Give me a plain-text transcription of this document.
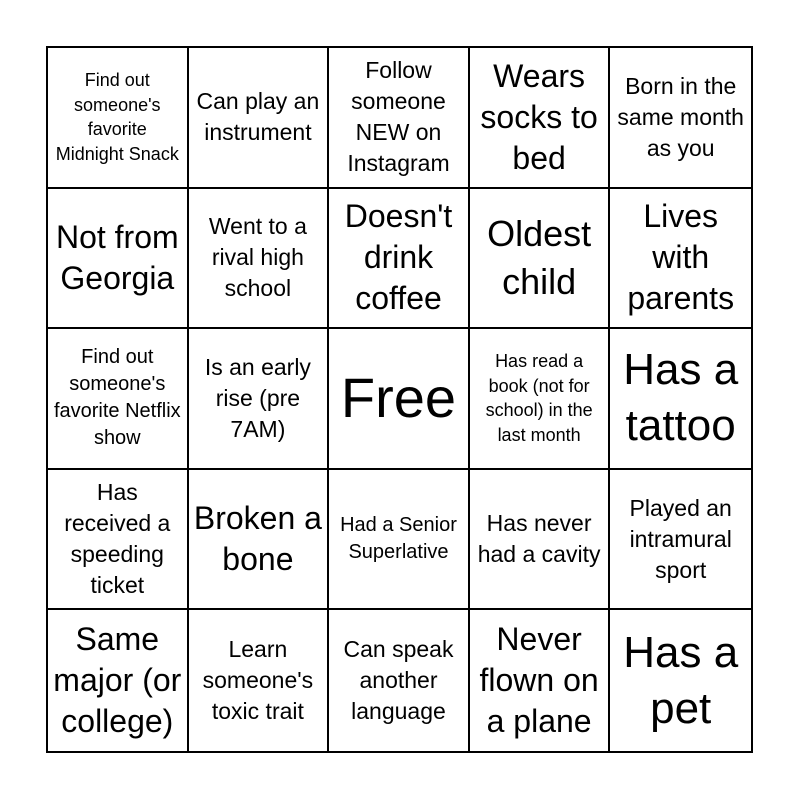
Find out someone's favorite Midnight Snack
Can play an instrument
Follow someone NEW on Instagram
Wears socks to bed
Born in the same month as you
Not from Georgia
Went to a rival high school
Doesn't drink coffee
Oldest child
Lives with parents
Find out someone's favorite Netflix show
Is an early rise (pre 7AM) Free
Has read a book (not for school) in the last month
Has a tattoo
Has received a speeding ticket
Broken a bone
Had a Senior Superlative
Has never had a cavity
Played an intramural sport
Same major (or college)
Learn someone's toxic trait
Can speak another language
Never flown on a plane
Has a pet
